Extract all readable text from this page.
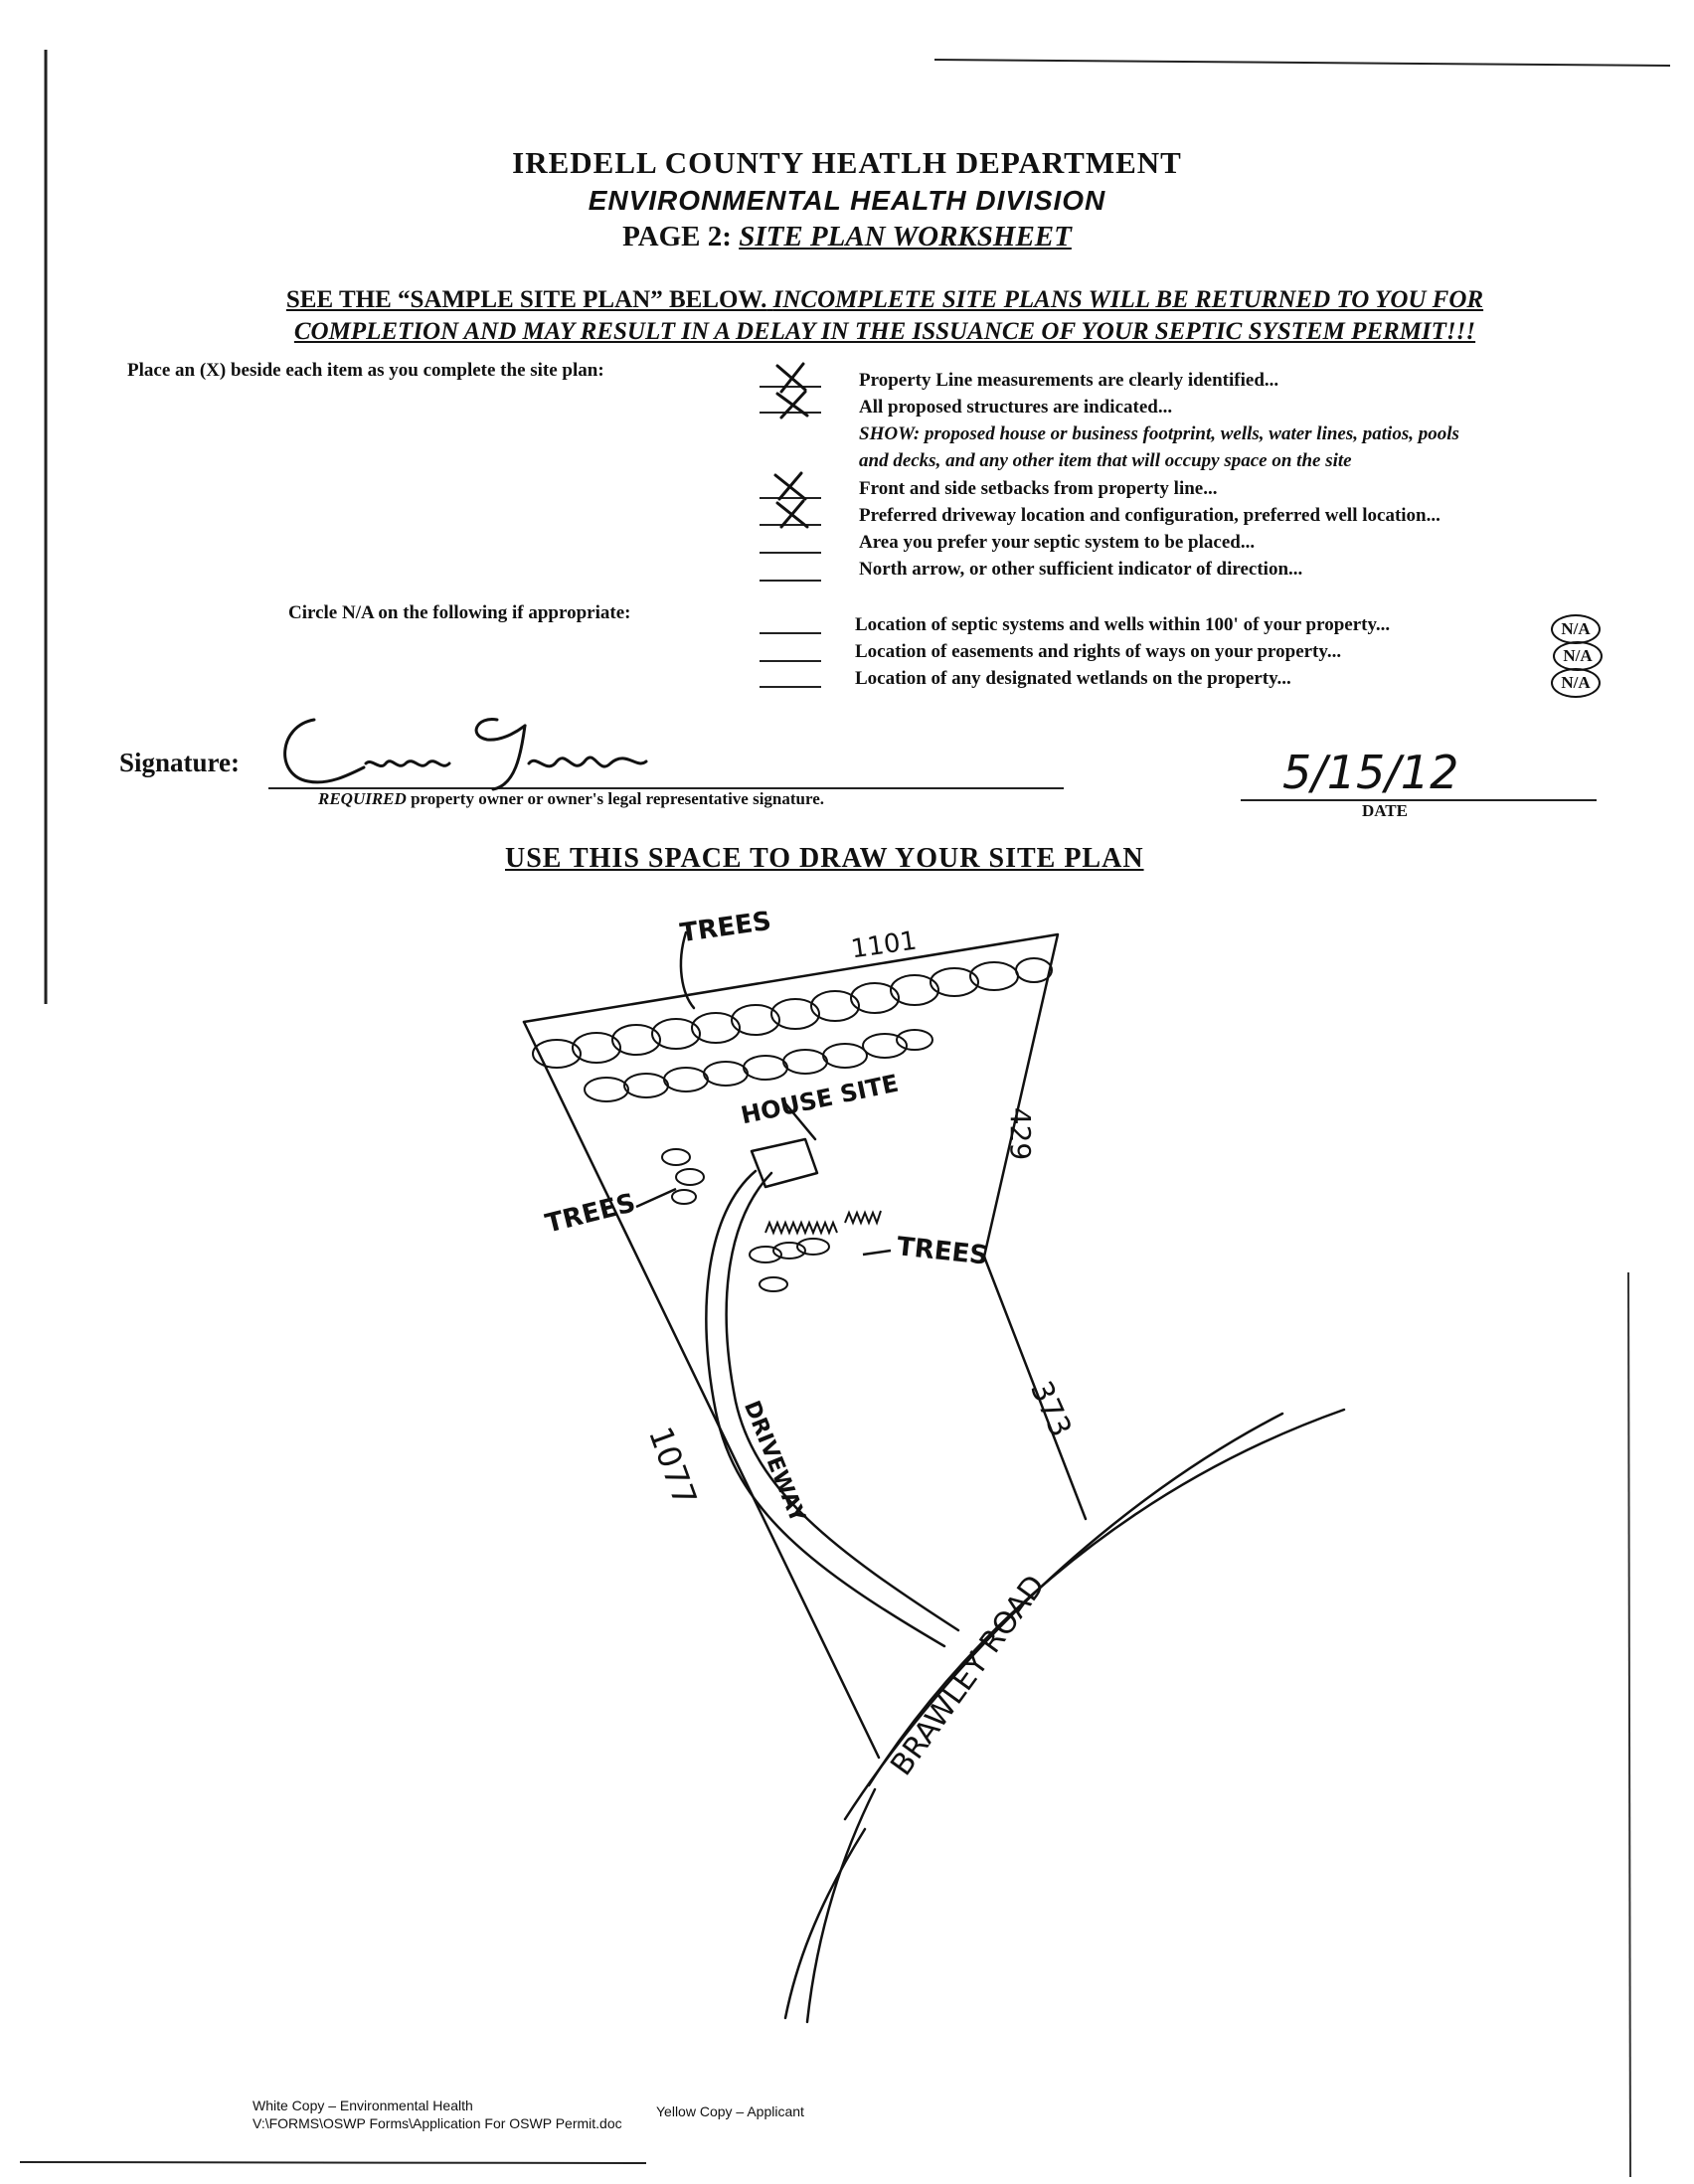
IREDELL COUNTY HEATLH DEPARTMENT
ENVIRONMENTAL HEALTH DIVISION
PAGE 2: SITE PLAN WORKSHEET
SEE THE “SAMPLE SITE PLAN” BELOW. INCOMPLETE SITE PLANS WILL BE RETURNED TO YOU FOR
COMPLETION AND MAY RESULT IN A DELAY IN THE ISSUANCE OF YOUR SEPTIC SYSTEM PERMIT!!!
Place an (X) beside each item as you complete the site plan:	Property Line measurements are clearly identified...
All proposed structures are indicated...
SHOW: proposed house or business footprint, wells, water lines, patios, pools
and decks, and any other item that will occupy space on the site
Front and side setbacks from property line...
Preferred driveway location and configuration, preferred well location...
Area you prefer your septic system to be placed...
North arrow, or other sufficient indicator of direction...
Circle N/A on the following if appropriate:
Location of septic systems and wells within 100' of your property...
Location of easements and rights of ways on your property...
Location of any designated wetlands on the property...
N/A
N/A
N/A
Signature:
REQUIRED property owner or owner's legal representative signature.	5/15/12
DATE
USE THIS SPACE TO DRAW YOUR SITE PLAN
TREES	1101
HOUSE SITE
429
TREES
TREES
373
1077 DRIVEWAY
BRAWLEY ROAD
White Copy – Environmental Health	Yellow Copy – Applicant
V:\FORMS\OSWP Forms\Application For OSWP Permit.doc
